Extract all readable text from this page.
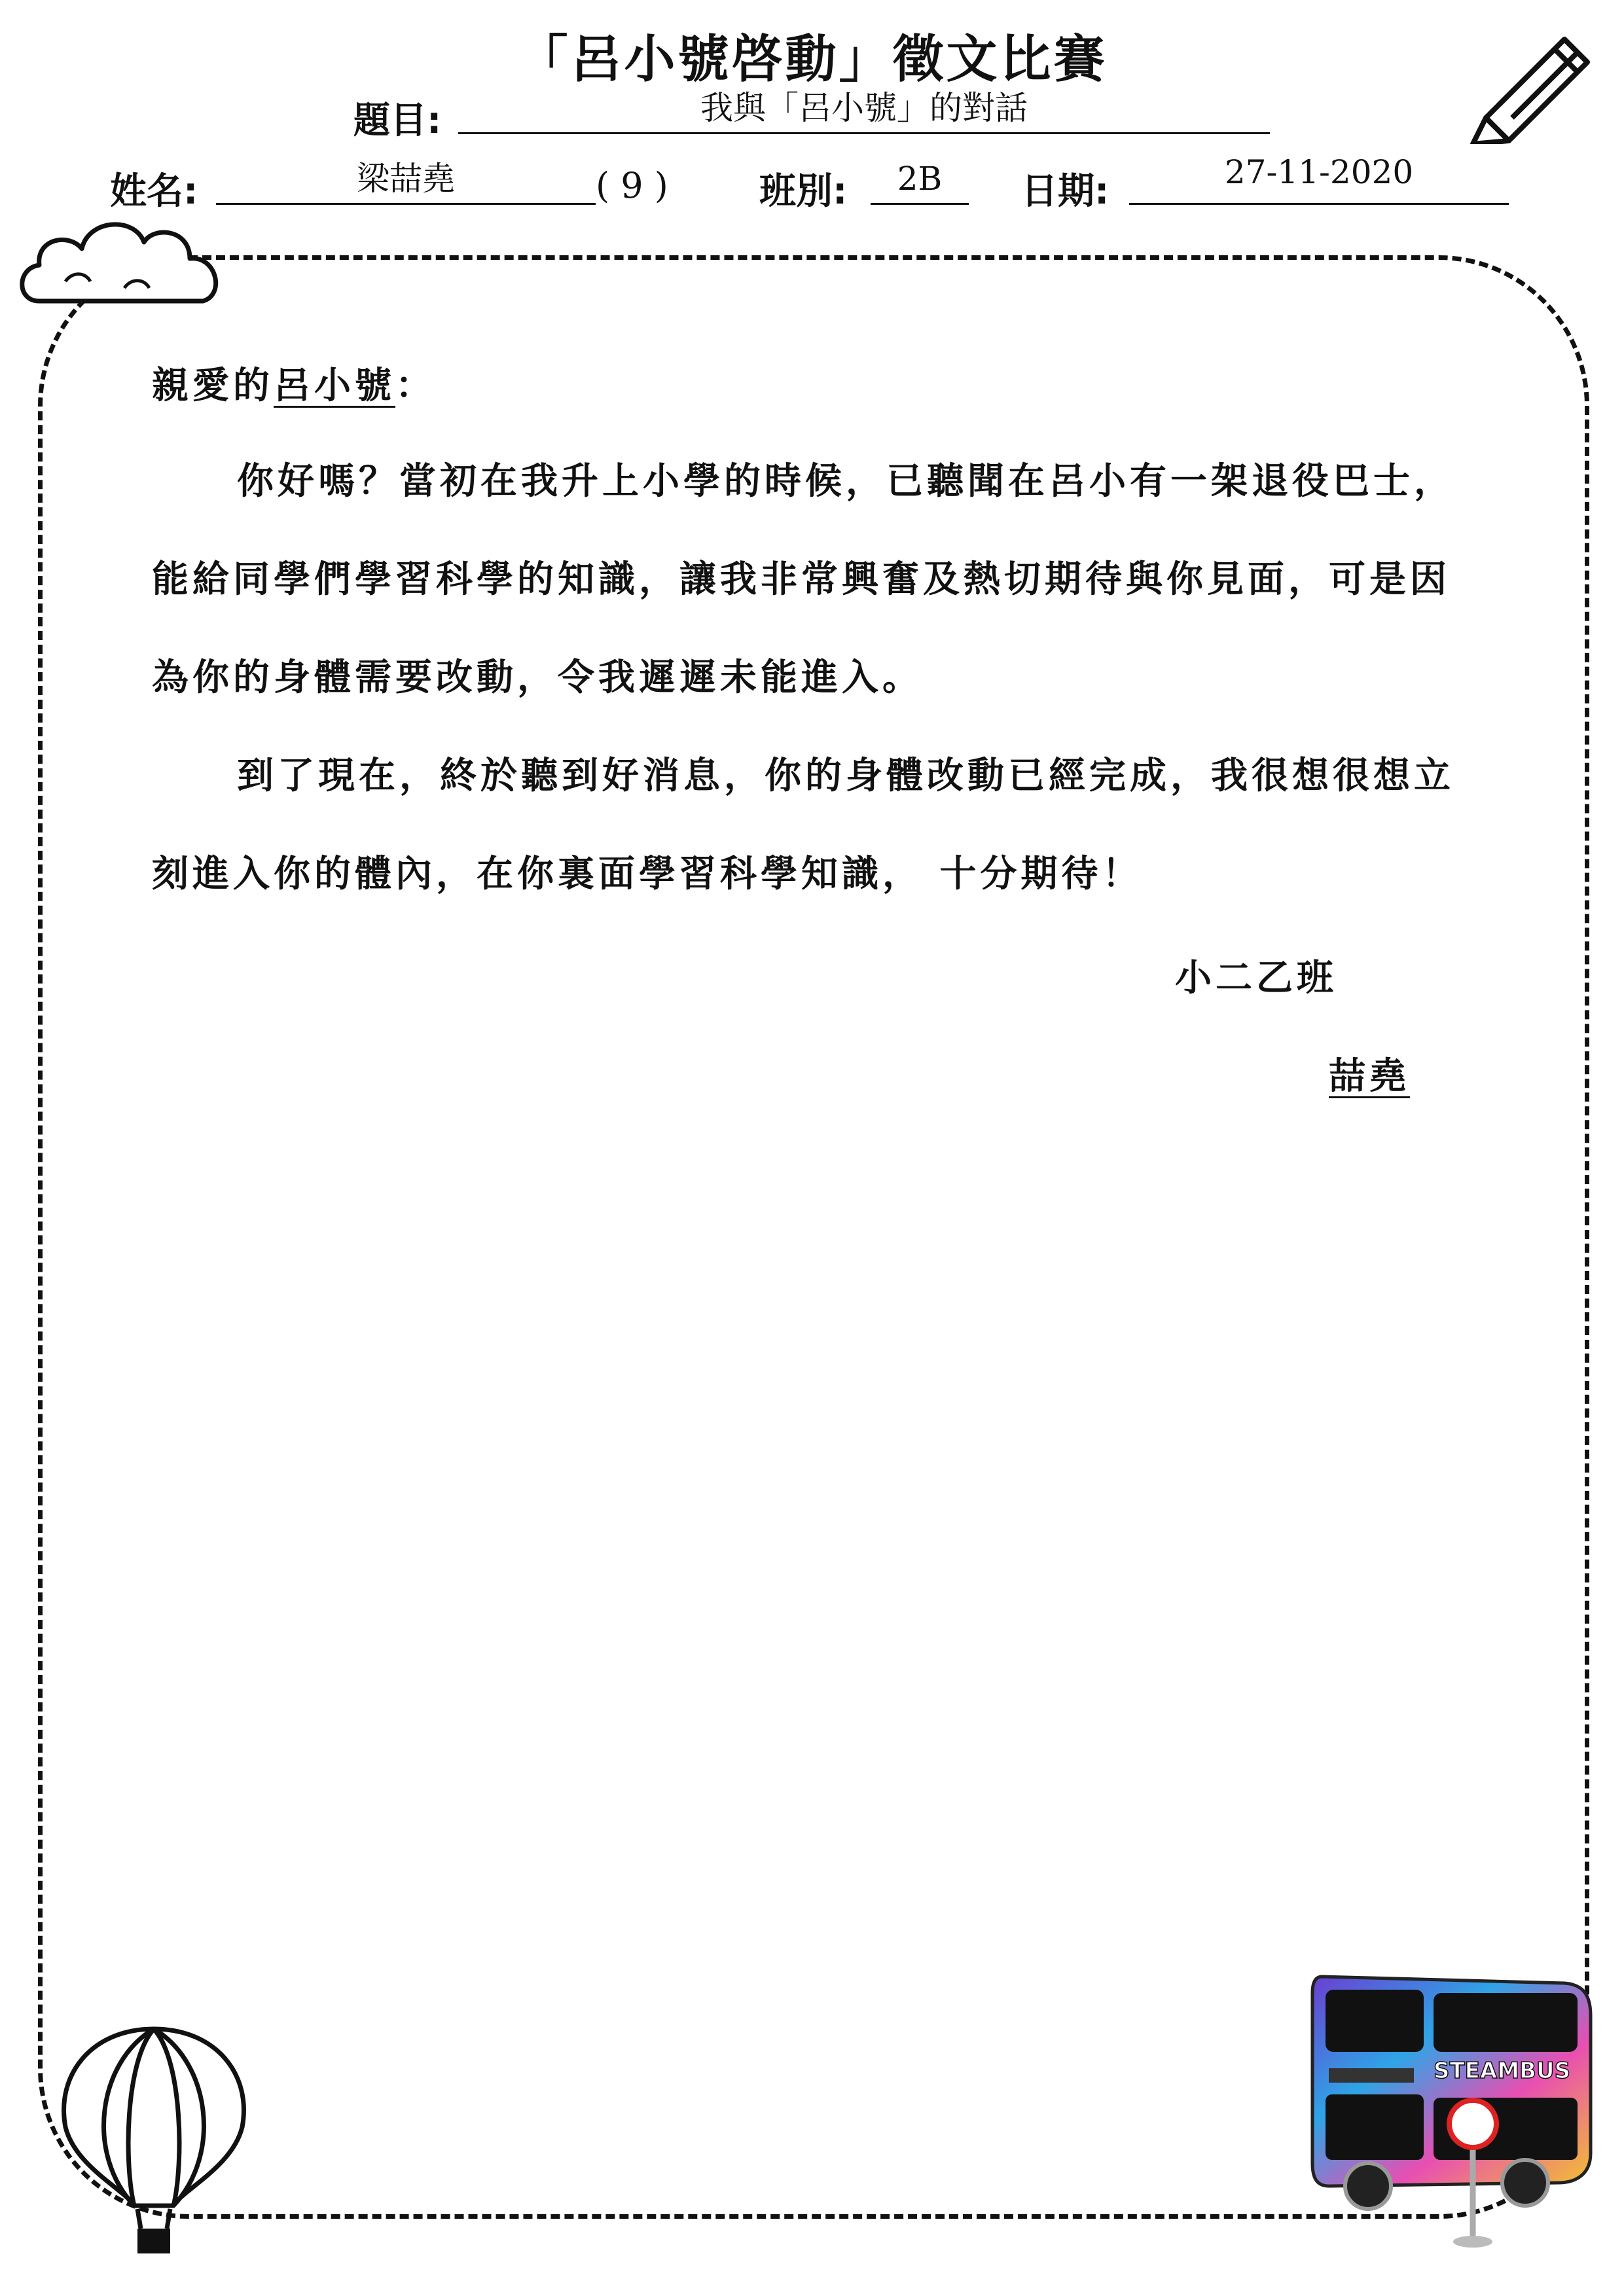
「呂小號啓動」徵文比賽
題目:	我與「呂小號」的對話
姓名:	梁喆堯	( 9 ) 班別:	2B	日期:	27-11-2020
親愛的呂小號：
你好嗎？當初在我升上小學的時候，已聽聞在呂小有一架退役巴士，能給同學們學習科學的知識，讓我非常興奮及熱切期待與你見面，可是因為你的身體需要改動，令我遲遲未能進入。
到了現在，終於聽到好消息，你的身體改動已經完成，我很想很想立刻進入你的體內，在你裏面學習科學知識， 十分期待！
小二乙班
喆堯
STEAMBUS
